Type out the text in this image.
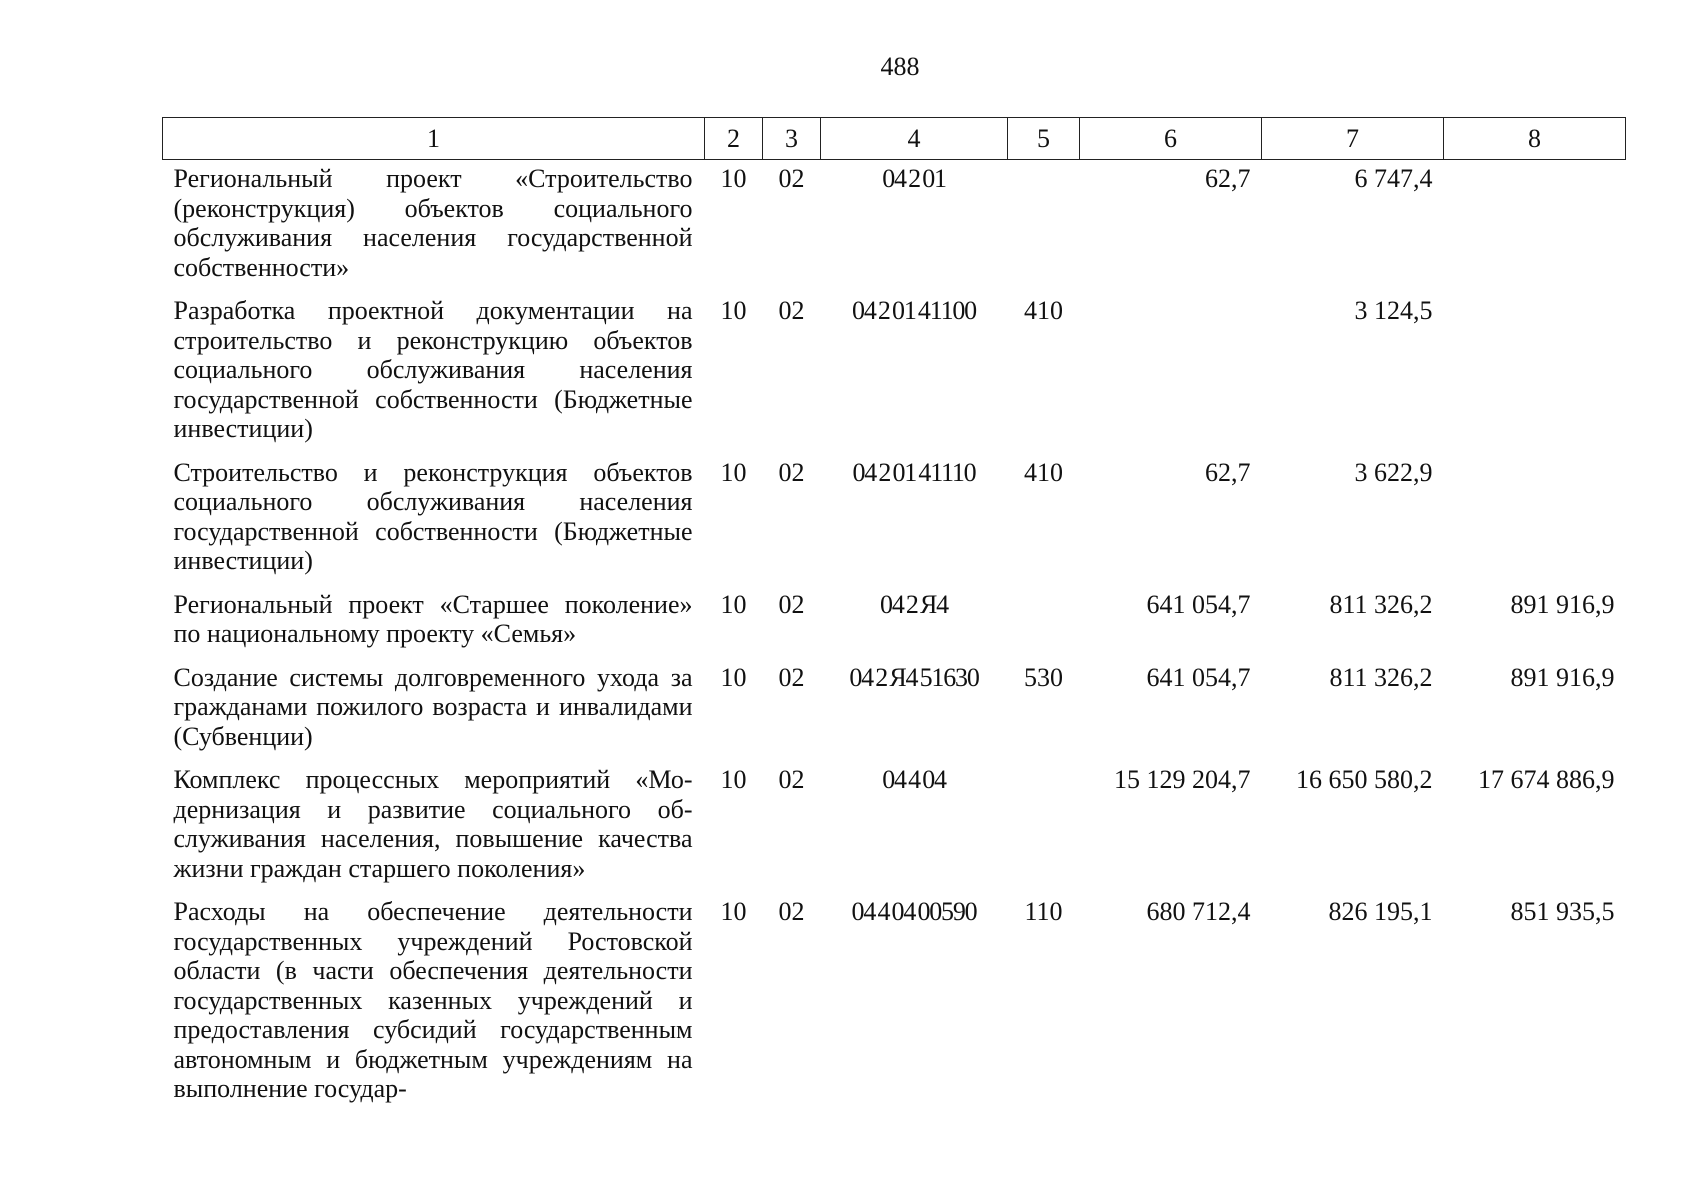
488
1	2	3	4	5	6	7	8
Региональный проект «Строительство (реконструкция) объектов социального обслуживания населения государственной собственности»	10	02	04 2 01		62,7	6 747,4	
Разработка проектной документации на строительство и реконструкцию объектов социального обслуживания населения государственной собственности (Бюджетные инвестиции)	10	02	04 2 01 41100	410		3 124,5	
Строительство и реконструкция объектов социального обслуживания населения государственной собственности (Бюджетные инвестиции)	10	02	04 2 01 41110	410	62,7	3 622,9	
Региональный проект «Старшее поколение» по национальному проекту «Семья»	10	02	04 2 Я4		641 054,7	811 326,2	891 916,9
Создание системы долговременного ухода за гражданами пожилого возраста и инвалидами (Субвенции)	10	02	04 2 Я4 51630	530	641 054,7	811 326,2	891 916,9
Комплекс процессных мероприятий «Модернизация и развитие социального обслуживания населения, повышение качества жизни граждан старшего поколения»	10	02	04 4 04		15 129 204,7	16 650 580,2	17 674 886,9
Расходы на обеспечение деятельности государственных учреждений Ростовской области (в части обеспечения деятельности государственных казенных учреждений и предоставления субсидий государственным автономным и бюджетным учреждениям на выполнение государ-	10	02	04 4 04 00590	110	680 712,4	826 195,1	851 935,5
